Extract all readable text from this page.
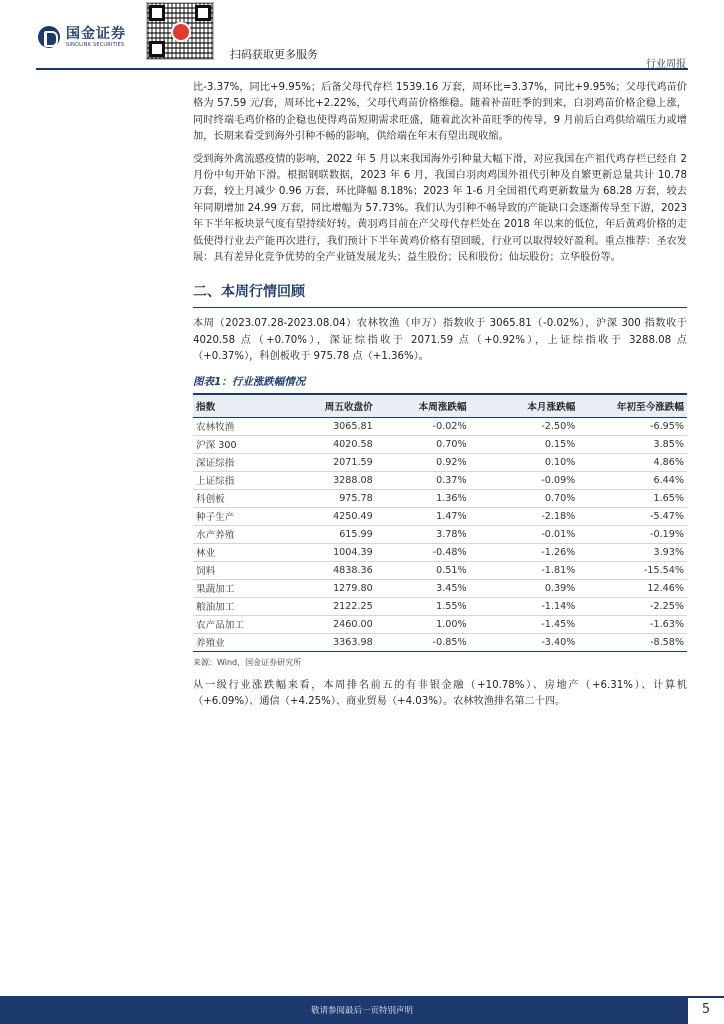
国金证券
SINOLINK SECURITIES
扫码获取更多服务
行业周报

比-3.37%，同比+9.95%；后备父母代存栏 1539.16 万套，周环比=3.37%，同比+9.95%；父母代鸡苗价格为 57.59 元/套，周环比+2.22%，父母代鸡苗价格维稳。随着补苗旺季的到来，白羽鸡苗价格企稳上涨，同时终端毛鸡价格的企稳也使得鸡苗短期需求旺盛，随着此次补苗旺季的传导，9 月前后白鸡供给端压力或增加，长期来看受到海外引种不畅的影响，供给端在年末有望出现收缩。

受到海外禽流感疫情的影响，2022 年 5 月以来我国海外引种量大幅下滑，对应我国在产祖代鸡存栏已经自 2 月份中旬开始下滑。根据钢联数据，2023 年 6 月，我国白羽肉鸡国外祖代引种及自繁更新总量共计 10.78 万套，较上月减少 0.96 万套，环比降幅 8.18%；2023 年 1-6 月全国祖代鸡更新数量为 68.28 万套，较去年同期增加 24.99 万套，同比增幅为 57.73%。我们认为引种不畅导致的产能缺口会逐渐传导至下游，2023 年下半年板块景气度有望持续好转。黄羽鸡目前在产父母代存栏处在 2018 年以来的低位，年后黄鸡价格的走低使得行业去产能再次进行，我们预计下半年黄鸡价格有望回暖，行业可以取得较好盈利。重点推荐：圣农发展：具有差异化竞争优势的全产业链发展龙头；益生股份；民和股份；仙坛股份；立华股份等。

二、本周行情回顾

本周（2023.07.28-2023.08.04）农林牧渔（申万）指数收于 3065.81（-0.02%），沪深 300 指数收于 4020.58 点（+0.70%），深证综指收于 2071.59 点（+0.92%），上证综指收于 3288.08 点（+0.37%），科创板收于 975.78 点（+1.36%）。

图表1：行业涨跌幅情况
指数	周五收盘价	本周涨跌幅	本月涨跌幅	年初至今涨跌幅
农林牧渔	3065.81	-0.02%	-2.50%	-6.95%
沪深 300	4020.58	0.70%	0.15%	3.85%
深证综指	2071.59	0.92%	0.10%	4.86%
上证综指	3288.08	0.37%	-0.09%	6.44%
科创板	975.78	1.36%	0.70%	1.65%
种子生产	4250.49	1.47%	-2.18%	-5.47%
水产养殖	615.99	3.78%	-0.01%	-0.19%
林业	1004.39	-0.48%	-1.26%	3.93%
饲料	4838.36	0.51%	-1.81%	-15.54%
果蔬加工	1279.80	3.45%	0.39%	12.46%
粮油加工	2122.25	1.55%	-1.14%	-2.25%
农产品加工	2460.00	1.00%	-1.45%	-1.63%
养殖业	3363.98	-0.85%	-3.40%	-8.58%
来源：Wind，国金证券研究所

从一级行业涨跌幅来看，本周排名前五的有非银金融（+10.78%）、房地产（+6.31%）、计算机（+6.09%）、通信（+4.25%）、商业贸易（+4.03%）。农林牧渔排名第二十四。

敬请参阅最后一页特别声明	5
